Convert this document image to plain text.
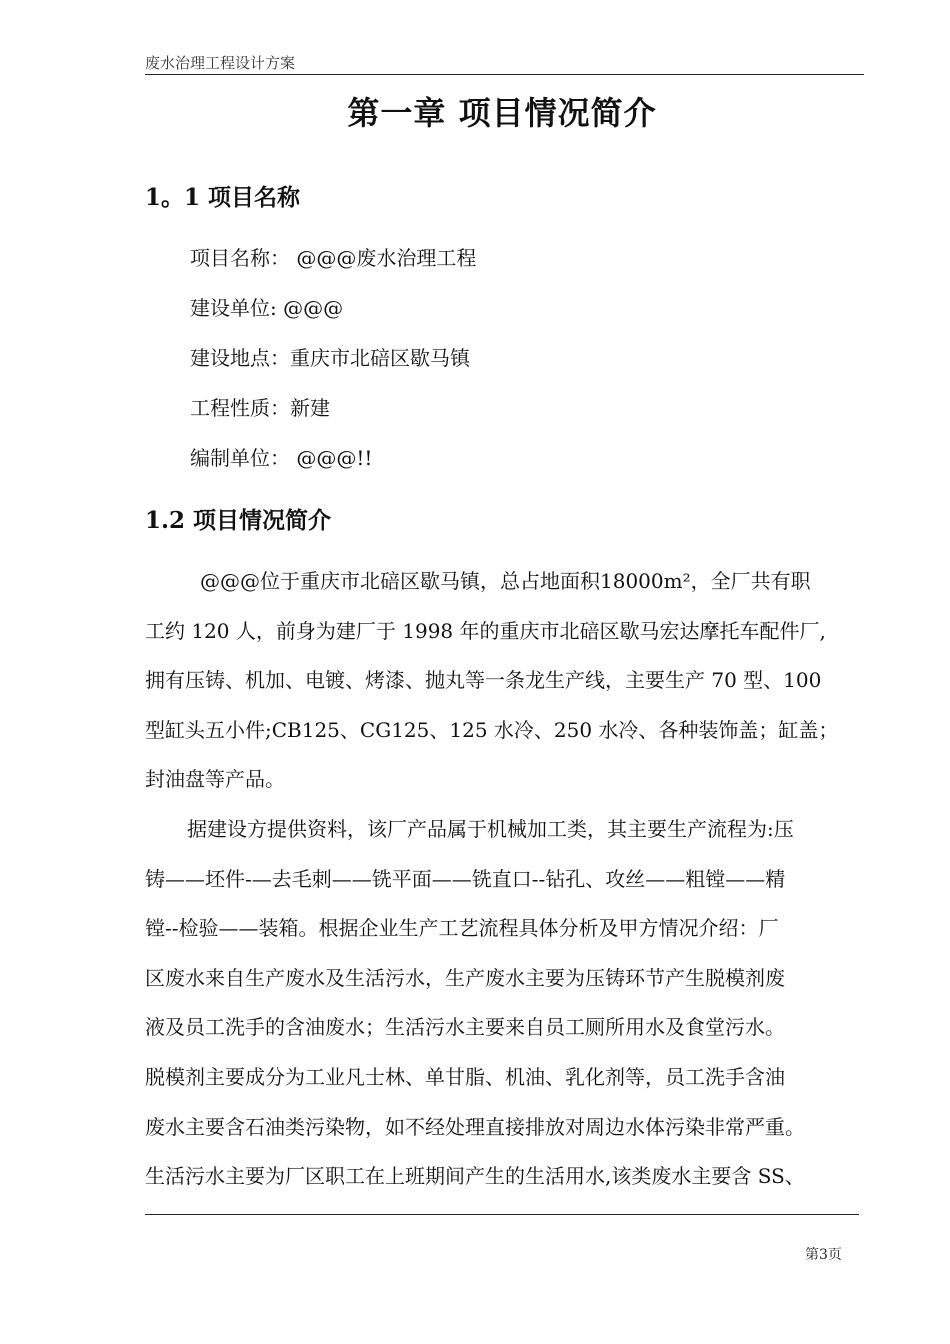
废水治理工程设计方案
第一章 项目情况简介
1。1 项目名称
项目名称： @@@废水治理工程
建设单位: @@@
建设地点：重庆市北碚区歇马镇
工程性质：新建
编制单位： @@@!!
1.2 项目情况简介
@@@位于重庆市北碚区歇马镇，总占地面积18000m²，全厂共有职
工约 120 人，前身为建厂于 1998 年的重庆市北碚区歇马宏达摩托车配件厂,
拥有压铸、机加、电镀、烤漆、抛丸等一条龙生产线，主要生产 70 型、100
型缸头五小件;CB125、CG125、125 水冷、250 水冷、各种装饰盖；缸盖；
封油盘等产品。
据建设方提供资料，该厂产品属于机械加工类，其主要生产流程为:压
铸——坯件-—去毛刺——铣平面——铣直口--钻孔、攻丝——粗镗——精
镗--检验——装箱。根据企业生产工艺流程具体分析及甲方情况介绍：厂
区废水来自生产废水及生活污水，生产废水主要为压铸环节产生脱模剂废
液及员工洗手的含油废水；生活污水主要来自员工厕所用水及食堂污水。
脱模剂主要成分为工业凡士林、单甘脂、机油、乳化剂等，员工洗手含油
废水主要含石油类污染物，如不经处理直接排放对周边水体污染非常严重。
生活污水主要为厂区职工在上班期间产生的生活用水,该类废水主要含 SS、
第3页
